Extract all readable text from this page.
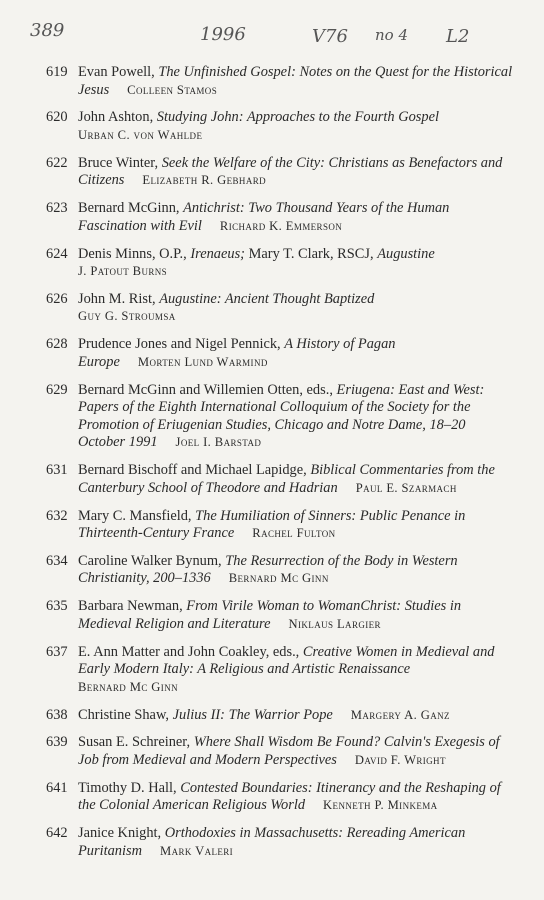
389	1996	V76 no 4 L2
619 Evan Powell, The Unfinished Gospel: Notes on the Quest for the Historical Jesus Colleen Stamos
620 John Ashton, Studying John: Approaches to the Fourth Gospel
Urban C. von Wahlde
622 Bruce Winter, Seek the Welfare of the City: Christians as Benefactors and Citizens Elizabeth R. Gebhard
623 Bernard McGinn, Antichrist: Two Thousand Years of the Human Fascination with Evil Richard K. Emmerson
624 Denis Minns, O.P., Irenaeus; Mary T. Clark, RSCJ, Augustine
J. Patout Burns
626 John M. Rist, Augustine: Ancient Thought Baptized
Guy G. Stroumsa
628 Prudence Jones and Nigel Pennick, A History of Pagan Europe Morten Lund Warmind
629 Bernard McGinn and Willemien Otten, eds., Eriugena: East and West: Papers of the Eighth International Colloquium of the Society for the Promotion of Eriugenian Studies, Chicago and Notre Dame, 18–20 October 1991 Joel I. Barstad
631 Bernard Bischoff and Michael Lapidge, Biblical Commentaries from the Canterbury School of Theodore and Hadrian Paul E. Szarmach
632 Mary C. Mansfield, The Humiliation of Sinners: Public Penance in Thirteenth-Century France Rachel Fulton
634 Caroline Walker Bynum, The Resurrection of the Body in Western Christianity, 200–1336 Bernard Mc Ginn
635 Barbara Newman, From Virile Woman to WomanChrist: Studies in Medieval Religion and Literature Niklaus Largier
637 E. Ann Matter and John Coakley, eds., Creative Women in Medieval and Early Modern Italy: A Religious and Artistic Renaissance
Bernard Mc Ginn
638 Christine Shaw, Julius II: The Warrior Pope Margery A. Ganz
639 Susan E. Schreiner, Where Shall Wisdom Be Found? Calvin's Exegesis of Job from Medieval and Modern Perspectives David F. Wright
641 Timothy D. Hall, Contested Boundaries: Itinerancy and the Reshaping of the Colonial American Religious World Kenneth P. Minkema
642 Janice Knight, Orthodoxies in Massachusetts: Rereading American Puritanism Mark Valeri
